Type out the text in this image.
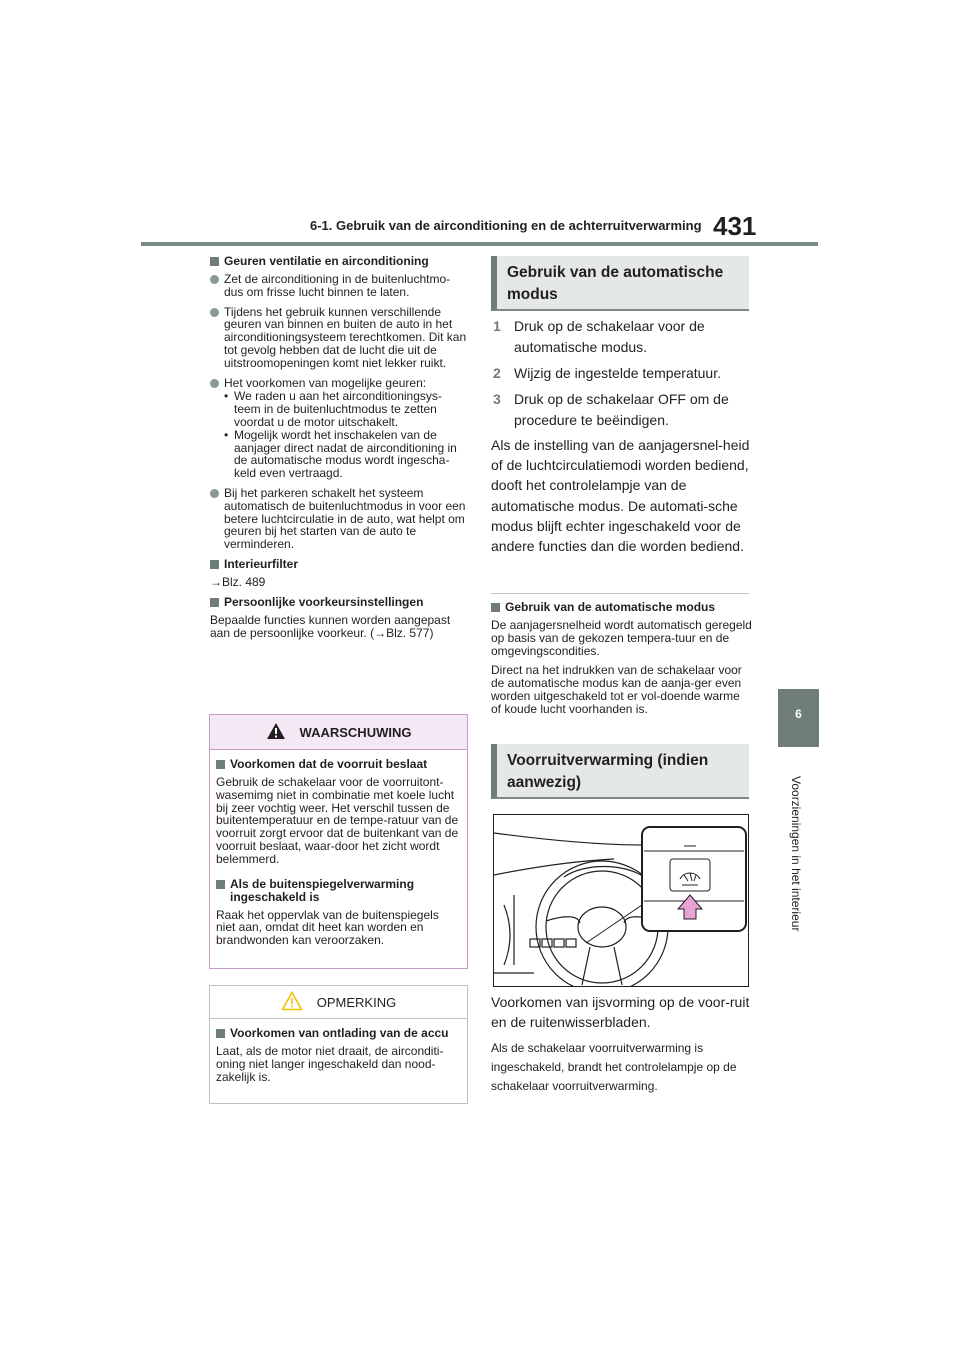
6-1. Gebruik van de airconditioning en de achterruitverwarming 431
6
Voorzieningen in het interieur
Geuren ventilatie en airconditioning
Zet de airconditioning in de buitenluchtmo-dus om frisse lucht binnen te laten.
Tijdens het gebruik kunnen verschillende geuren van binnen en buiten de auto in het airconditioningsysteem terechtkomen. Dit kan tot gevolg hebben dat de lucht die uit de uitstroomopeningen komt niet lekker ruikt.
Het voorkomen van mogelijke geuren:
• We raden u aan het airconditioningsys-teem in de buitenluchtmodus te zetten voordat u de motor uitschakelt.
• Mogelijk wordt het inschakelen van de aanjager direct nadat de airconditioning in de automatische modus wordt ingescha-keld even vertraagd.
Bij het parkeren schakelt het systeem automatisch de buitenluchtmodus in voor een betere luchtcirculatie in de auto, wat helpt om geuren bij het starten van de auto te verminderen.
Interieurfilter
→Blz. 489
Persoonlijke voorkeursinstellingen
Bepaalde functies kunnen worden aangepast aan de persoonlijke voorkeur. (→Blz. 577)
WAARSCHUWING
Voorkomen dat de voorruit beslaat
Gebruik de schakelaar voor de voorruitont-wasemimg niet in combinatie met koele lucht bij zeer vochtig weer. Het verschil tussen de buitentemperatuur en de tempe-ratuur van de voorruit zorgt ervoor dat de buitenkant van de voorruit beslaat, waar-door het zicht wordt belemmerd.
Als de buitenspiegelverwarming ingeschakeld is
Raak het oppervlak van de buitenspiegels niet aan, omdat dit heet kan worden en brandwonden kan veroorzaken.
OPMERKING
Voorkomen van ontlading van de accu
Laat, als de motor niet draait, de airconditi-oning niet langer ingeschakeld dan nood-zakelijk is.
Gebruik van de automatische modus
1 Druk op de schakelaar voor de automatische modus.
2 Wijzig de ingestelde temperatuur.
3 Druk op de schakelaar OFF om de procedure te beëindigen.
Als de instelling van de aanjagersnel-heid of de luchtcirculatiemodi worden bediend, dooft het controlelampje van de automatische modus. De automati-sche modus blijft echter ingeschakeld voor de andere functies dan die worden bediend.
Gebruik van de automatische modus
De aanjagersnelheid wordt automatisch geregeld op basis van de gekozen tempera-tuur en de omgevingscondities.
Direct na het indrukken van de schakelaar voor de automatische modus kan de aanja-ger even worden uitgeschakeld tot er vol-doende warme of koude lucht voorhanden is.
Voorruitverwarming (indien aanwezig)
Voorkomen van ijsvorming op de voor-ruit en de ruitenwisserbladen.
Als de schakelaar voorruitverwarming is ingeschakeld, brandt het controlelampje op de schakelaar voorruitverwarming.
